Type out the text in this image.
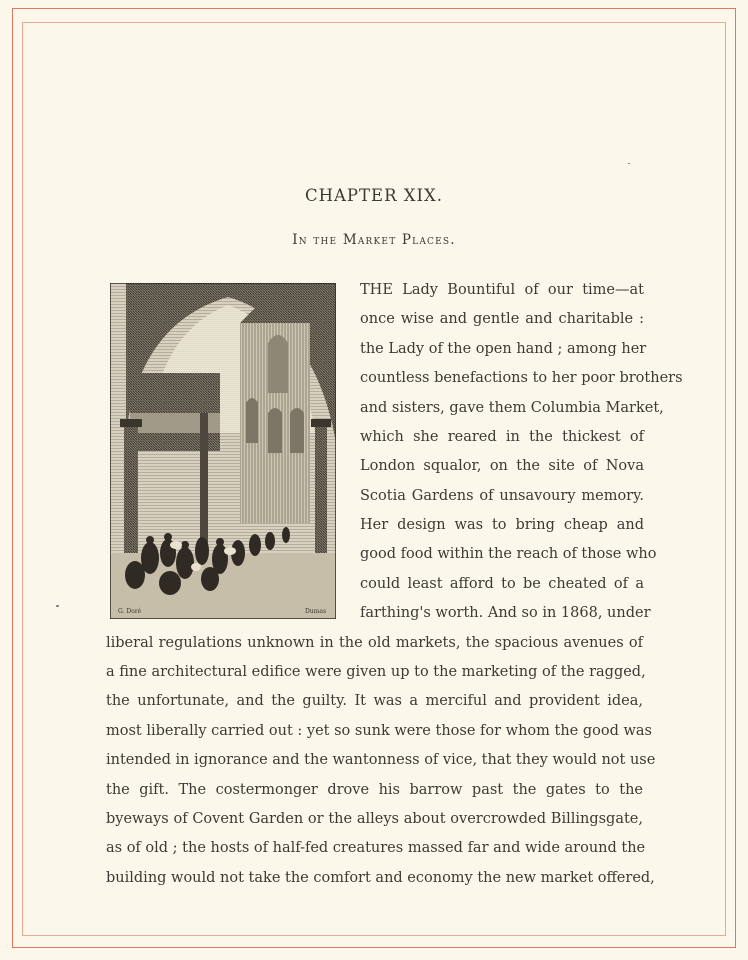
CHAPTER XIX.
In the Market Places.
G. Doré	Dumas
THE Lady Bountiful of our time—at
once wise and gentle and charitable :
the Lady of the open hand ; among her
countless benefactions to her poor brothers
and sisters, gave them Columbia Market,
which she reared in the thickest of
London squalor, on the site of Nova
Scotia Gardens of unsavoury memory.
Her design was to bring cheap and
good food within the reach of those who
could least afford to be cheated of a
farthing's worth. And so in 1868, under
liberal regulations unknown in the old markets, the spacious avenues of
a fine architectural edifice were given up to the marketing of the ragged,
the unfortunate, and the guilty. It was a merciful and provident idea,
most liberally carried out : yet so sunk were those for whom the good was
intended in ignorance and the wantonness of vice, that they would not use
the gift. The costermonger drove his barrow past the gates to the
byeways of Covent Garden or the alleys about overcrowded Billingsgate,
as of old ; the hosts of half-fed creatures massed far and wide around the
building would not take the comfort and economy the new market offered,
